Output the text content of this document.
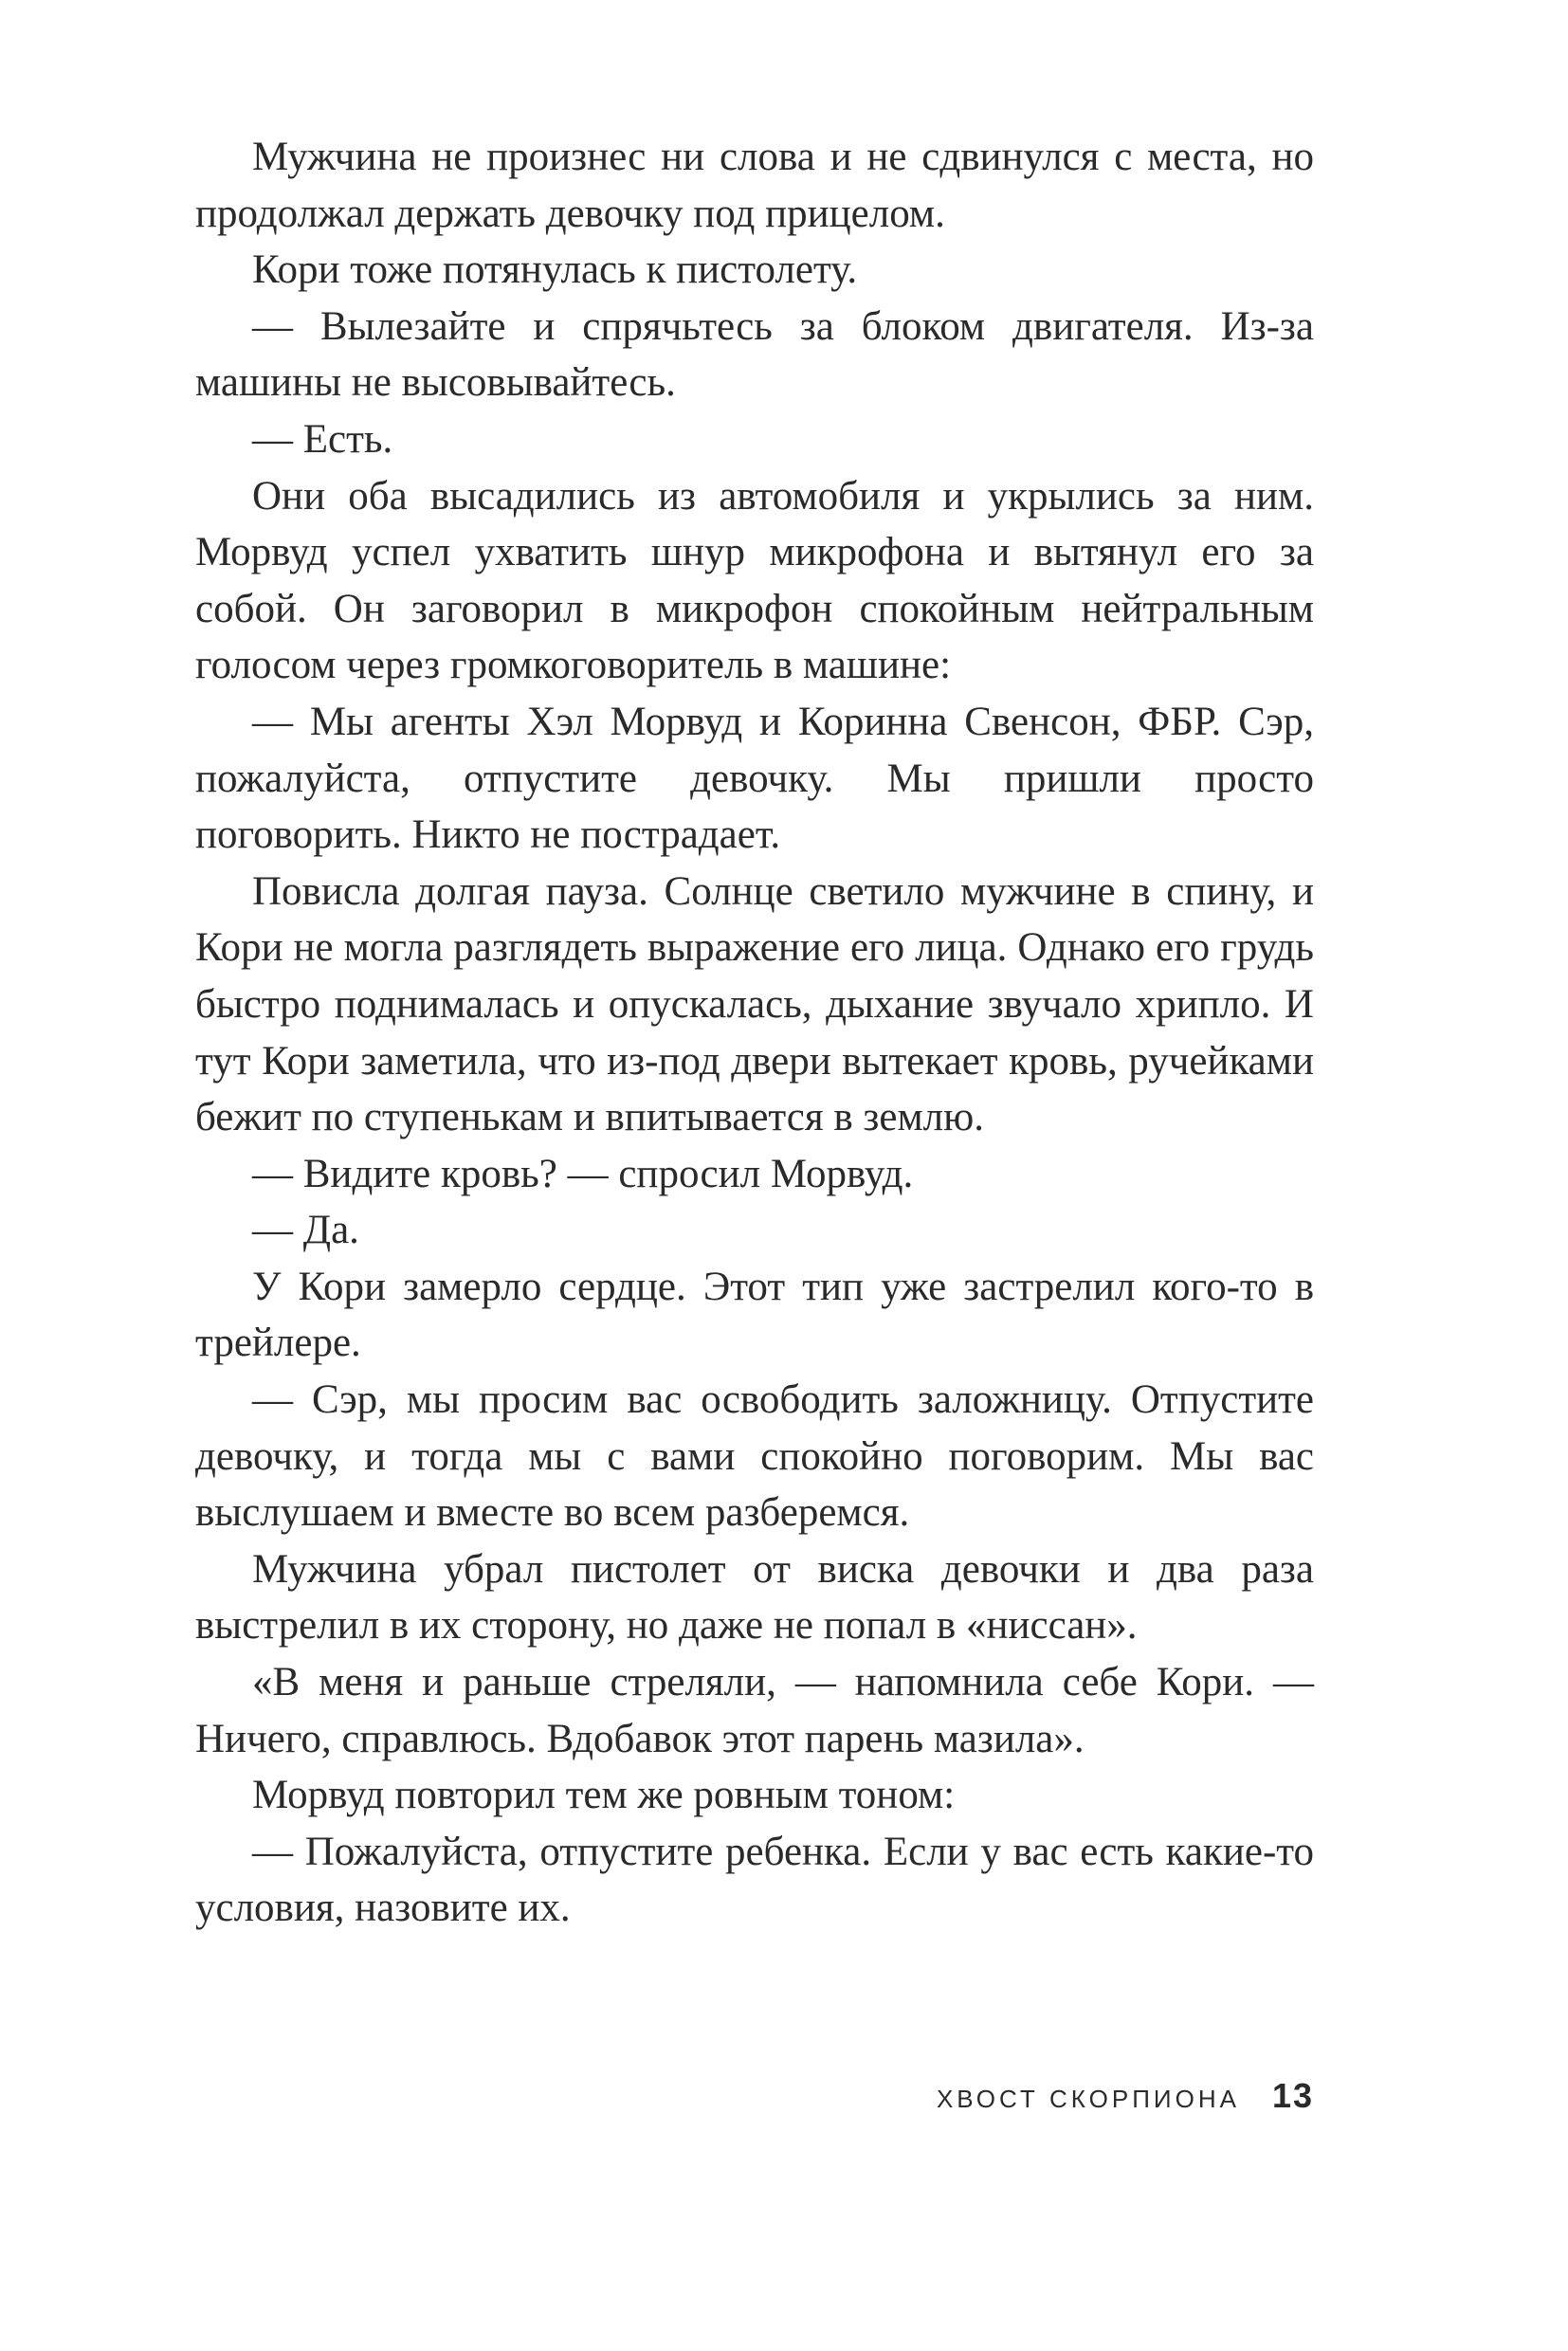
Мужчина не произнес ни слова и не сдвинулся с места, но продолжал держать девочку под прицелом.

Кори тоже потянулась к пистолету.

— Вылезайте и спрячьтесь за блоком двигателя. Из-за машины не высовывайтесь.

— Есть.

Они оба высадились из автомобиля и укрылись за ним. Морвуд успел ухватить шнур микрофона и вытянул его за собой. Он заговорил в микрофон спокойным нейтральным голосом через громкоговоритель в машине:

— Мы агенты Хэл Морвуд и Коринна Свенсон, ФБР. Сэр, пожалуйста, отпустите девочку. Мы пришли просто поговорить. Никто не пострадает.

Повисла долгая пауза. Солнце светило мужчине в спину, и Кори не могла разглядеть выражение его лица. Однако его грудь быстро поднималась и опускалась, дыхание звучало хрипло. И тут Кори заметила, что из-под двери вытекает кровь, ручейками бежит по ступенькам и впитывается в землю.

— Видите кровь? — спросил Морвуд.

— Да.

У Кори замерло сердце. Этот тип уже застрелил кого-то в трейлере.

— Сэр, мы просим вас освободить заложницу. Отпустите девочку, и тогда мы с вами спокойно поговорим. Мы вас выслушаем и вместе во всем разберемся.

Мужчина убрал пистолет от виска девочки и два раза выстрелил в их сторону, но даже не попал в «ниссан».

«В меня и раньше стреляли, — напомнила себе Кори. — Ничего, справлюсь. Вдобавок этот парень мазила».

Морвуд повторил тем же ровным тоном:

— Пожалуйста, отпустите ребенка. Если у вас есть какие-то условия, назовите их.

ХВОСТ СКОРПИОНА 13
